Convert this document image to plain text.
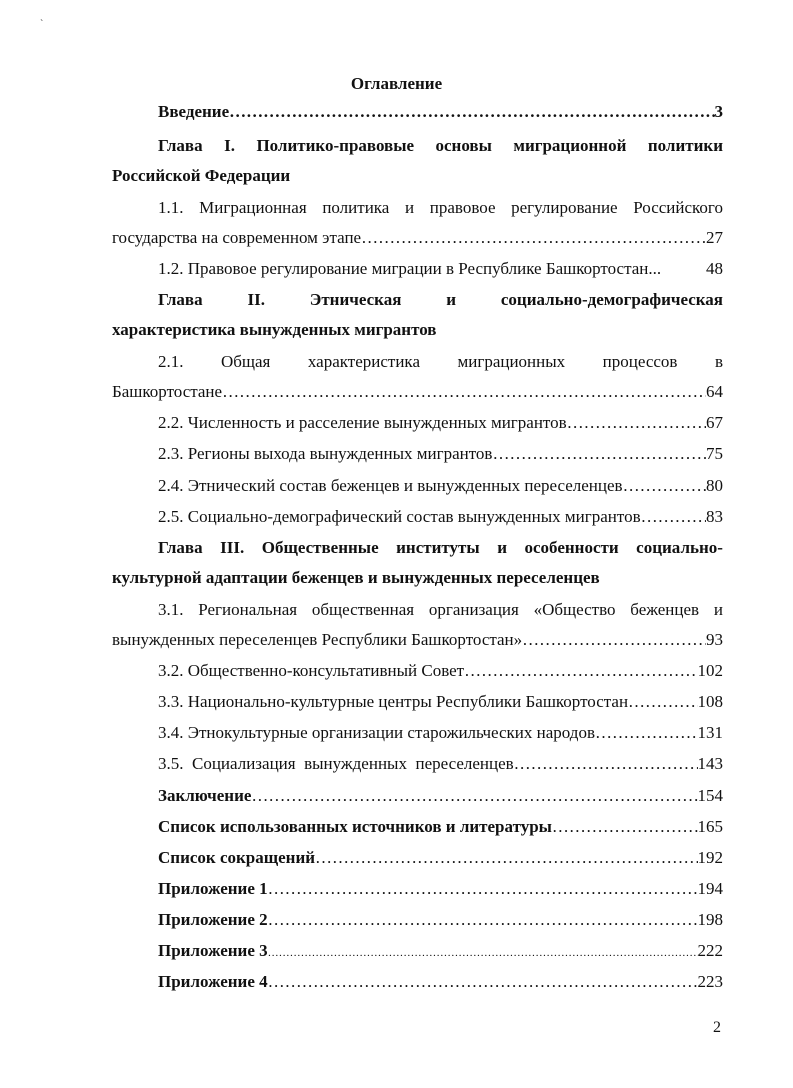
`
Оглавление
Введение …………………………………………………………………………………………………………………………………………………………	3
Глава I. Политико-правовые основы миграционной политики
Российской Федерации
1.1. Миграционная политика и правовое регулирование Российского
государства на современном этапе …………………………………………………………………………………………………………………………………………………………	27
1.2. Правовое регулирование миграции в Республике Башкортостан...	48
Глава	II.	Этническая	и	социально-демографическая
характеристика вынужденных мигрантов
2.1. Общая характеристика миграционных процессов в
Башкортостане …………………………………………………………………………………………………………………………………………………………	64
2.2. Численность и расселение вынужденных мигрантов …………………………………………………………………………………………………………………………………………………………	67
2.3. Регионы выхода вынужденных мигрантов …………………………………………………………………………………………………………………………………………………………	75
2.4. Этнический состав беженцев и вынужденных переселенцев …………………………………………………………………………………………………………………………………………………………	80
2.5. Социально-демографический состав вынужденных мигрантов …………………………………………………………………………………………………………………………………………………………	83
Глава III. Общественные институты и особенности социально-
культурной адаптации беженцев и вынужденных переселенцев
3.1. Региональная общественная организация «Общество беженцев и
вынужденных переселенцев Республики Башкортостан» …………………………………………………………………………………………………………………………………………………………	93
3.2. Общественно-консультативный Совет …………………………………………………………………………………………………………………………………………………………	102
3.3. Национально-культурные центры Республики Башкортостан …………………………………………………………………………………………………………………………………………………………	108
3.4. Этнокультурные организации старожильческих народов …………………………………………………………………………………………………………………………………………………………	131
3.5.  Социализация  вынужденных  переселенцев …………………………………………………………………………………………………………………………………………………………	143
Заключение …………………………………………………………………………………………………………………………………………………………	154
Список использованных источников и литературы …………………………………………………………………………………………………………………………………………………………	165
Список сокращений …………………………………………………………………………………………………………………………………………………………	192
Приложение 1 …………………………………………………………………………………………………………………………………………………………	194
Приложение 2 …………………………………………………………………………………………………………………………………………………………	198
Приложение 3 …………………………………………………………………………………………………………………………………………………………	222
Приложение 4 …………………………………………………………………………………………………………………………………………………………	223
2
